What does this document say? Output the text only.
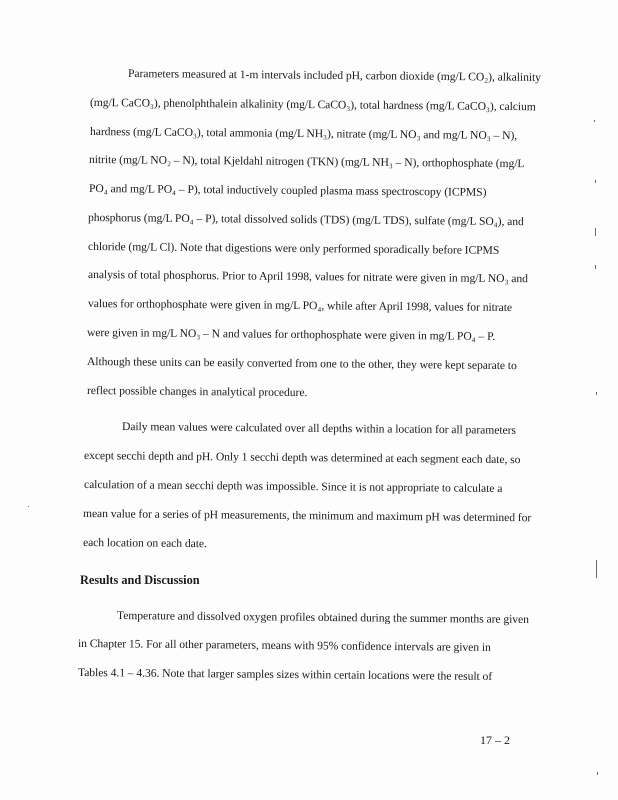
Parameters measured at 1-m intervals included pH, carbon dioxide (mg/L CO₂), alkalinity
(mg/L CaCO₃), phenolphthalein alkalinity (mg/L CaCO₃), total hardness (mg/L CaCO₃), calcium
hardness (mg/L CaCO₃), total ammonia (mg/L NH₃), nitrate (mg/L NO₃ and mg/L NO₃ – N),
nitrite (mg/L NO₂ – N), total Kjeldahl nitrogen (TKN) (mg/L NH₃ – N), orthophosphate (mg/L
PO₄ and mg/L PO₄ – P), total inductively coupled plasma mass spectroscopy (ICPMS)
phosphorus (mg/L PO₄ – P), total dissolved solids (TDS) (mg/L TDS), sulfate (mg/L SO₄), and
chloride (mg/L Cl). Note that digestions were only performed sporadically before ICPMS
analysis of total phosphorus. Prior to April 1998, values for nitrate were given in mg/L NO₃ and
values for orthophosphate were given in mg/L PO₄, while after April 1998, values for nitrate
were given in mg/L NO₃ – N and values for orthophosphate were given in mg/L PO₄ – P.
Although these units can be easily converted from one to the other, they were kept separate to
reflect possible changes in analytical procedure.
Daily mean values were calculated over all depths within a location for all parameters
except secchi depth and pH. Only 1 secchi depth was determined at each segment each date, so
calculation of a mean secchi depth was impossible. Since it is not appropriate to calculate a
mean value for a series of pH measurements, the minimum and maximum pH was determined for
each location on each date.
Results and Discussion
Temperature and dissolved oxygen profiles obtained during the summer months are given
in Chapter 15. For all other parameters, means with 95% confidence intervals are given in
Tables 4.1 – 4.36. Note that larger samples sizes within certain locations were the result of
17 – 2
